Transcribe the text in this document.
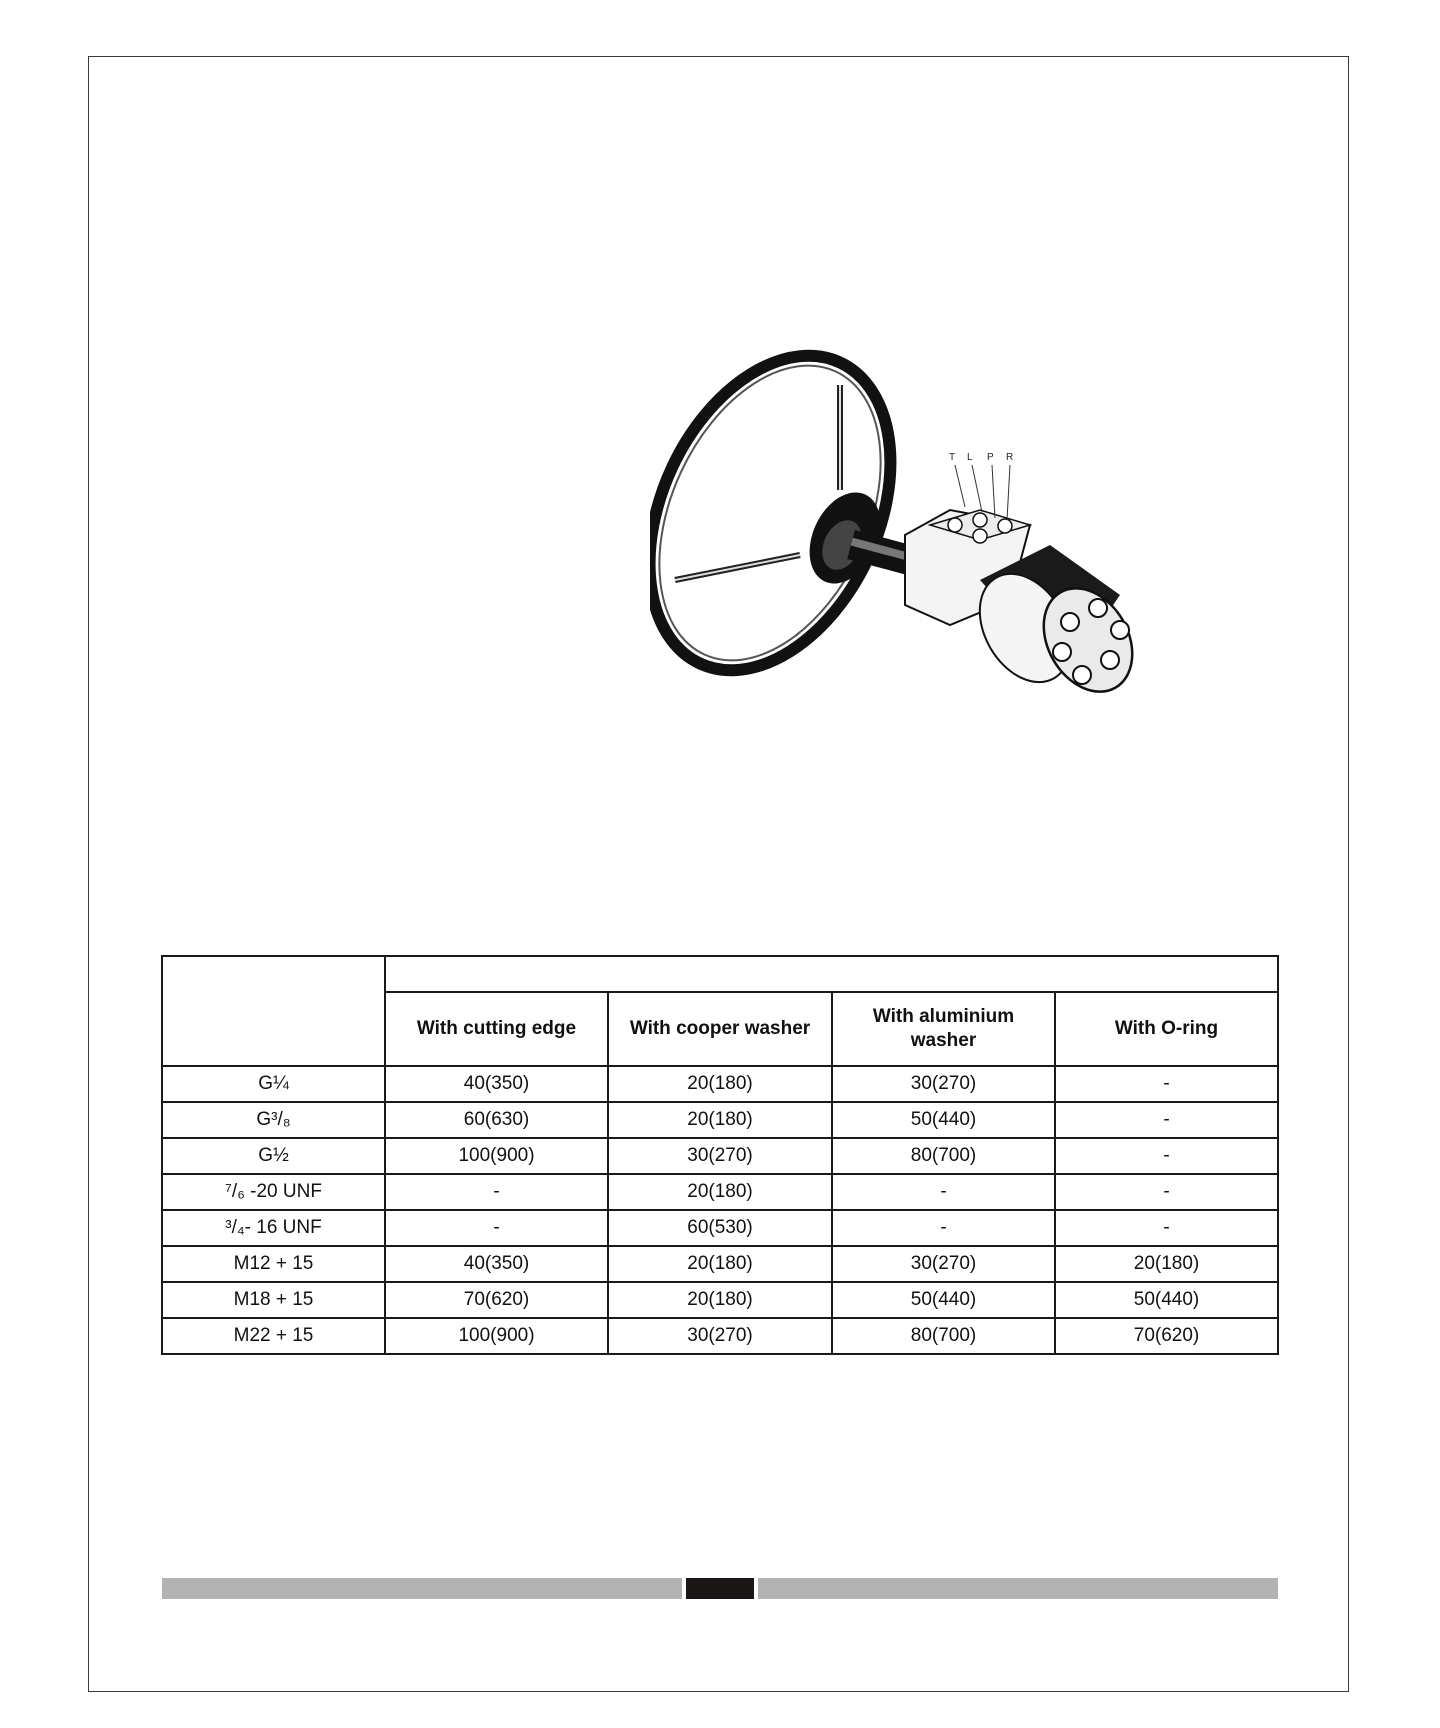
T L P R

	With cutting edge	With cooper washer	With aluminium washer	With O-ring
G¼	40(350)	20(180)	30(270)	-
G³/₈	60(630)	20(180)	50(440)	-
G½	100(900)	30(270)	80(700)	-
⁷/₆ -20 UNF	-	20(180)	-	-
³/₄- 16 UNF	-	60(530)	-	-
M12 + 15	40(350)	20(180)	30(270)	20(180)
M18 + 15	70(620)	20(180)	50(440)	50(440)
M22 + 15	100(900)	30(270)	80(700)	70(620)
